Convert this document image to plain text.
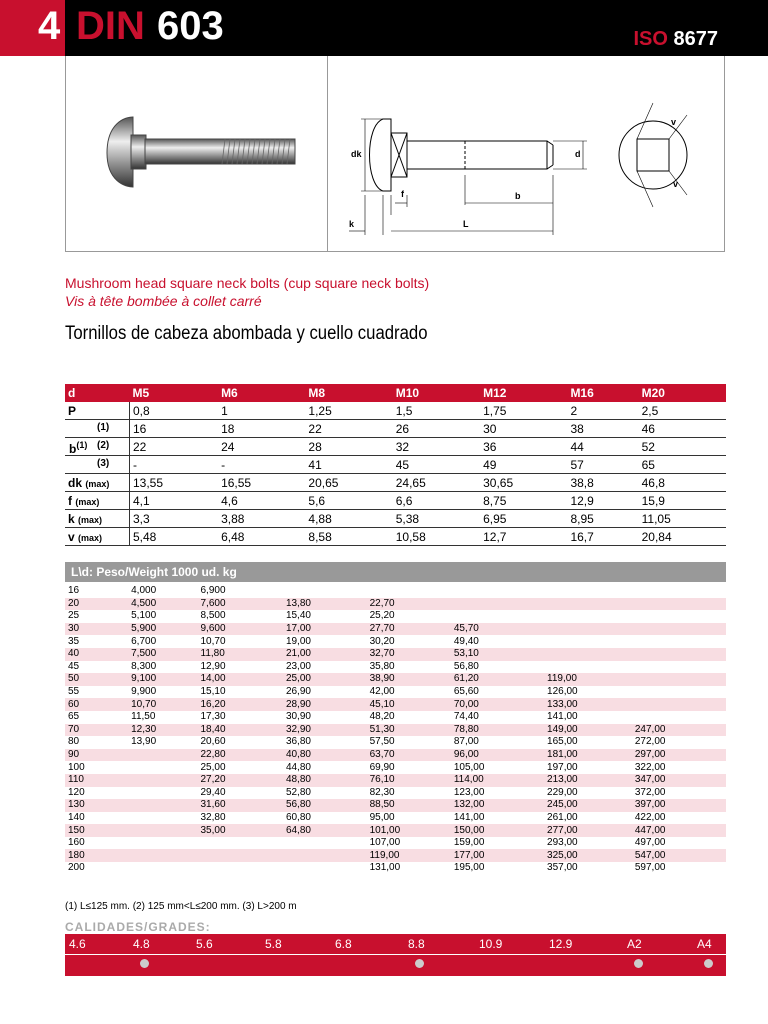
4 DIN 603	ISO 8677
dk	d
f	b
k	L
v
v
Mushroom head square neck bolts (cup square neck bolts)
Vis à tête bombée à collet carré
Tornillos de cabeza abombada y cuello cuadrado
d	M5	M6	M8	M10	M12	M16	M20
P	0,8	1	1,25	1,5	1,75	2	2,5

$b^{(1)}$
(1)	16	18	22	26	30	38	46

(2)	22	24	28	32	36	44	52

(3)	-	-	41	45	49	57	65
dk (max)	13,55	16,55	20,65	24,65	30,65	38,8	46,8
f (max)	4,1	4,6	5,6	6,6	8,75	12,9	15,9
k (max)	3,3	3,88	4,88	5,38	6,95	8,95	11,05
v (max)	5,48	6,48	8,58	10,58	12,7	16,7	20,84
L\d: Peso/Weight 1000 ud. kg
16	4,000	6,900					
20	4,500	7,600	13,80	22,70			
25	5,100	8,500	15,40	25,20			
30	5,900	9,600	17,00	27,70	45,70		
35	6,700	10,70	19,00	30,20	49,40		
40	7,500	11,80	21,00	32,70	53,10		
45	8,300	12,90	23,00	35,80	56,80		
50	9,100	14,00	25,00	38,90	61,20	119,00	
55	9,900	15,10	26,90	42,00	65,60	126,00	
60	10,70	16,20	28,90	45,10	70,00	133,00	
65	11,50	17,30	30,90	48,20	74,40	141,00	
70	12,30	18,40	32,90	51,30	78,80	149,00	247,00
80	13,90	20,60	36,80	57,50	87,00	165,00	272,00
90		22,80	40,80	63,70	96,00	181,00	297,00
100		25,00	44,80	69,90	105,00	197,00	322,00
110		27,20	48,80	76,10	114,00	213,00	347,00
120		29,40	52,80	82,30	123,00	229,00	372,00
130		31,60	56,80	88,50	132,00	245,00	397,00
140		32,80	60,80	95,00	141,00	261,00	422,00
150		35,00	64,80	101,00	150,00	277,00	447,00
160				107,00	159,00	293,00	497,00
180				119,00	177,00	325,00	547,00
200				131,00	195,00	357,00	597,00
(1) L≤125 mm. (2) 125 mm<L≤200 mm. (3) L>200 m
CALIDADES/GRADES:
4.6	4.8	5.6	5.8	6.8	8.8	10.9	12.9	A2	A4
